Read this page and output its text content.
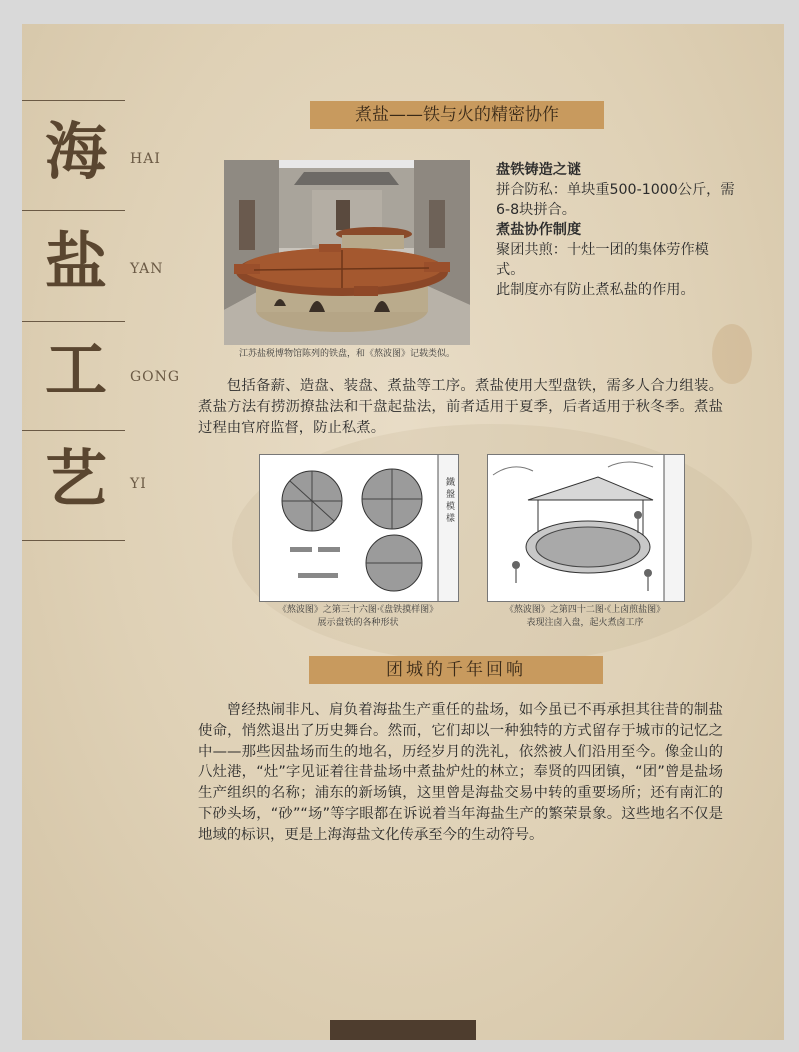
海	HAI
盐	YAN
工	GONG
艺	YI
煮盐——铁与火的精密协作
江苏盐税博物馆陈列的铁盘，和《熬波图》记载类似。
盘铁铸造之谜
拼合防私：单块重500-1000公斤，需6-8块拼合。
煮盐协作制度
聚团共煎：十灶一团的集体劳作模式。
此制度亦有防止煮私盐的作用。
包括备薪、造盘、装盘、煮盐等工序。煮盐使用大型盘铁，需多人合力组装。煮盐方法有捞沥撩盐法和干盘起盐法，前者适用于夏季，后者适用于秋冬季。煮盐过程由官府监督，防止私煮。
鐵
盤
模
樣
《熬波图》之第三十六图·《盘铁摸样图》
展示盘铁的各种形状
《熬波图》之第四十二图·《上卤煎盐图》
表现注卤入盘，起火煮卤工序
团城的千年回响
曾经热闹非凡、肩负着海盐生产重任的盐场，如今虽已不再承担其往昔的制盐使命，悄然退出了历史舞台。然而，它们却以一种独特的方式留存于城市的记忆之中——那些因盐场而生的地名，历经岁月的洗礼，依然被人们沿用至今。像金山的八灶港，“灶”字见证着往昔盐场中煮盐炉灶的林立；奉贤的四团镇，“团”曾是盐场生产组织的名称；浦东的新场镇，这里曾是海盐交易中转的重要场所；还有南汇的下砂头场，“砂”“场”等字眼都在诉说着当年海盐生产的繁荣景象。这些地名不仅是地域的标识，更是上海海盐文化传承至今的生动符号。
